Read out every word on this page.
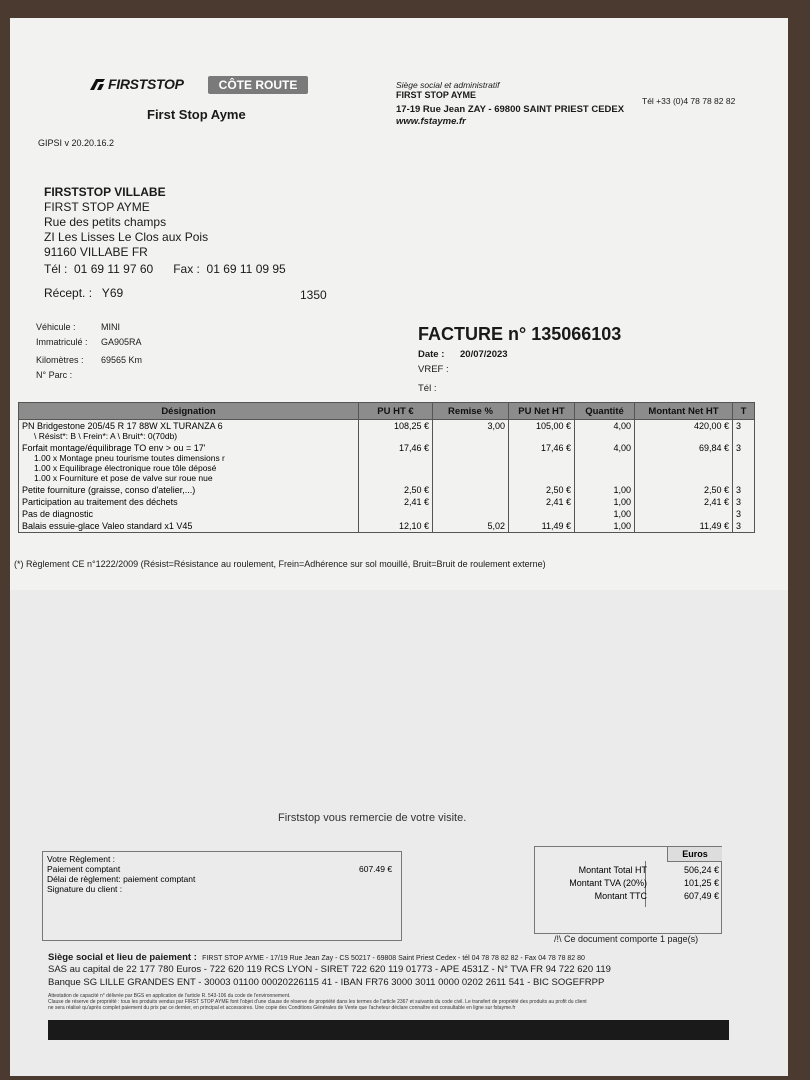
FIRSTSTOP	CÔTE ROUTE
First Stop Ayme
Siège social et administratif
FIRST STOP AYME
17-19 Rue Jean ZAY - 69800 SAINT PRIEST CEDEX
www.fstayme.fr
Tél +33 (0)4 78 78 82 82
GIPSI v 20.20.16.2
FIRSTSTOP VILLABE
FIRST STOP AYME
Rue des petits champs
ZI Les Lisses Le Clos aux Pois
91160 VILLABE FR
Tél :  01 69 11 97 60      Fax :  01 69 11 09 95
Récept. :   Y69	1350
Véhicule :	MINI
Immatriculé : GA905RA
Kilomètres : 69565 Km
N° Parc :
FACTURE n° 135066103
Date : 20/07/2023
VREF :
Tél :
Désignation	PU HT €	Remise %	PU Net HT	Quantité	Montant Net HT	T
PN Bridgestone 205/45 R 17 88W XL TURANZA 6
\ Résist*: B \ Frein*: A \ Bruit*: 0(70db)	108,25 €	3,00	105,00 €	4,00	420,00 €	3
Forfait montage/équilibrage TO env > ou = 17'
1.00 x Montage pneu tourisme toutes dimensions r
1.00 x Equilibrage électronique roue tôle déposé
1.00 x Fourniture et pose de valve sur roue nue	17,46 €		17,46 €	4,00	69,84 €	3
Petite fourniture (graisse, conso d'atelier,...)	2,50 €		2,50 €	1,00	2,50 €	3
Participation au traitement des déchets	2,41 €		2,41 €	1,00	2,41 €	3
Pas de diagnostic				1,00		3
Balais essuie-glace Valeo standard x1 V45	12,10 €	5,02	11,49 €	1,00	11,49 €	3
(*) Règlement CE n°1222/2009 (Résist=Résistance au roulement, Frein=Adhérence sur sol mouillé, Bruit=Bruit de roulement externe)
Firststop vous remercie de votre visite.
Votre Règlement :
Paiement comptant	607.49 €
Délai de règlement: paiement comptant
Signature du client :
Euros
Montant Total HT	506,24 €
Montant TVA (20%)	101,25 €
Montant TTC	607,49 €
/!\ Ce document comporte 1 page(s)
Siège social et lieu de paiement : FIRST STOP AYME - 17/19 Rue Jean Zay - CS 50217 - 69808 Saint Priest Cedex - tél 04 78 78 82 82 - Fax 04 78 78 82 80
SAS au capital de 22 177 780 Euros - 722 620 119 RCS LYON - SIRET 722 620 119 01773 - APE 4531Z - N° TVA FR 94 722 620 119
Banque SG LILLE GRANDES ENT - 30003 01100 00020226115 41 - IBAN FR76 3000 3011 0000 0202 2611 541 - BIC SOGEFRPP
Attestation de capacité n° délivrée par BGS en application de l'article R. 543-106 du code de l'environnement.
Clause de réserve de propriété : tous les produits vendus par FIRST STOP AYME font l'objet d'une clause de réserve de propriété dans les termes de l'article 2367 et suivants du code civil. Le transfert de propriété des produits au profit du client
ne sera réalisé qu'après complet paiement du prix par ce dernier, en principal et accessoires. Une copie des Conditions Générales de Vente que l'acheteur déclare connaître est consultable en ligne sur fstayme.fr
